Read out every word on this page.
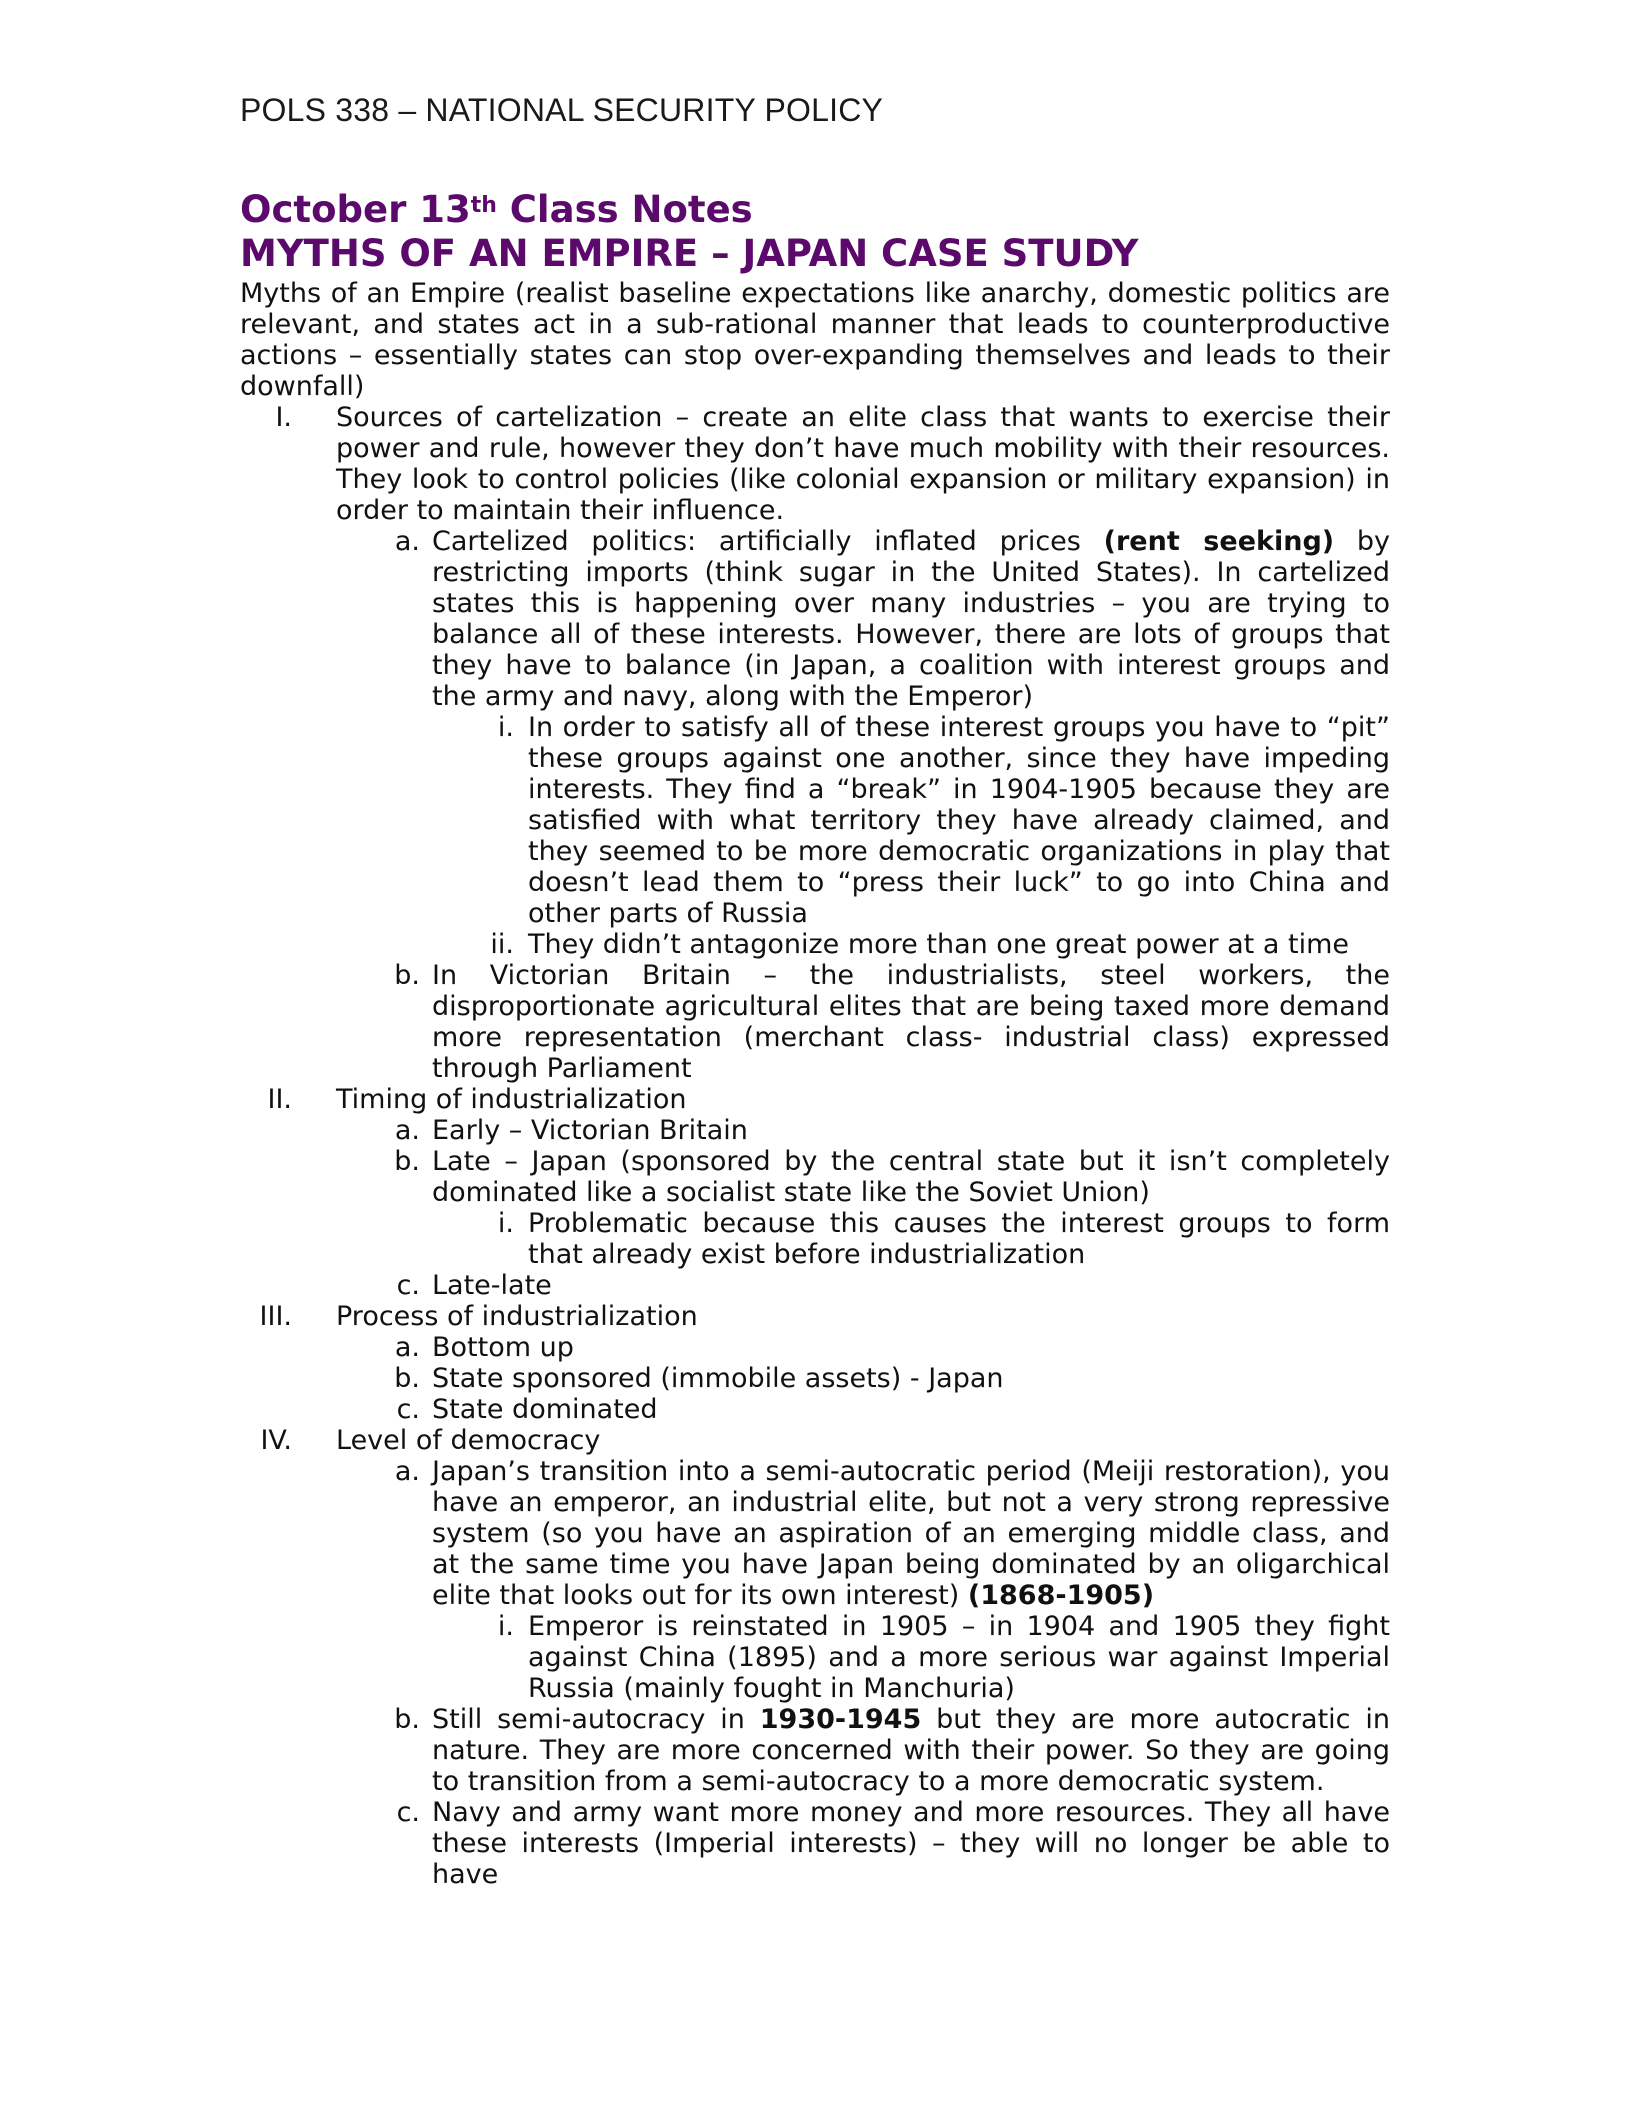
POLS 338 – NATIONAL SECURITY POLICY
October 13th Class Notes
MYTHS OF AN EMPIRE – JAPAN CASE STUDY

Myths of an Empire (realist baseline expectations like anarchy, domestic politics are relevant, and states act in a sub-rational manner that leads to counterproductive actions – essentially states can stop over-expanding themselves and leads to their downfall)

I. Sources of cartelization – create an elite class that wants to exercise their power and rule, however they don’t have much mobility with their resources. They look to control policies (like colonial expansion or military expansion) in order to maintain their influence.
a. Cartelized politics: artificially inflated prices (rent seeking) by restricting imports (think sugar in the United States). In cartelized states this is happening over many industries – you are trying to balance all of these interests. However, there are lots of groups that they have to balance (in Japan, a coalition with interest groups and the army and navy, along with the Emperor)
i. In order to satisfy all of these interest groups you have to “pit” these groups against one another, since they have impeding interests. They find a “break” in 1904-1905 because they are satisfied with what territory they have already claimed, and they seemed to be more democratic organizations in play that doesn’t lead them to “press their luck” to go into China and other parts of Russia
ii. They didn’t antagonize more than one great power at a time
b. In Victorian Britain – the industrialists, steel workers, the disproportionate agricultural elites that are being taxed more demand more representation (merchant class- industrial class) expressed through Parliament
II. Timing of industrialization
a. Early – Victorian Britain
b. Late – Japan (sponsored by the central state but it isn’t completely dominated like a socialist state like the Soviet Union)
i. Problematic because this causes the interest groups to form that already exist before industrialization
c. Late-late
III. Process of industrialization
a. Bottom up
b. State sponsored (immobile assets) - Japan
c. State dominated
IV. Level of democracy
a. Japan’s transition into a semi-autocratic period (Meiji restoration), you have an emperor, an industrial elite, but not a very strong repressive system (so you have an aspiration of an emerging middle class, and at the same time you have Japan being dominated by an oligarchical elite that looks out for its own interest) (1868-1905)
i. Emperor is reinstated in 1905 – in 1904 and 1905 they fight against China (1895) and a more serious war against Imperial Russia (mainly fought in Manchuria)
b. Still semi-autocracy in 1930-1945 but they are more autocratic in nature. They are more concerned with their power. So they are going to transition from a semi-autocracy to a more democratic system.
c. Navy and army want more money and more resources. They all have these interests (Imperial interests) – they will no longer be able to have
